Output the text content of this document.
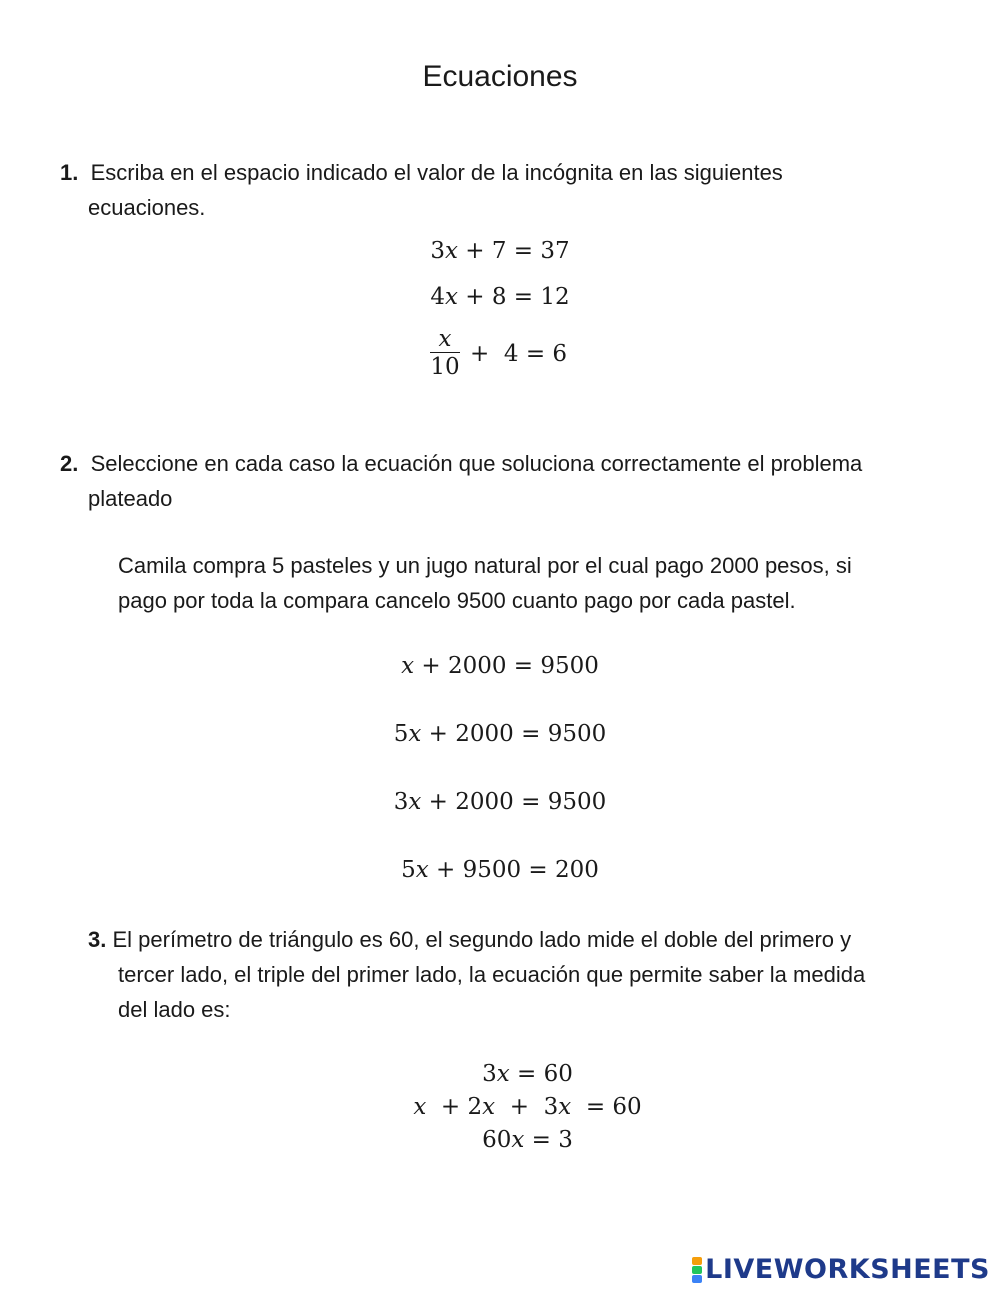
Ecuaciones
1. Escriba en el espacio indicado el valor de la incógnita en las siguientes
ecuaciones.
3𝑥 + 7 = 37
4𝑥 + 8 = 12
𝑥
10
+  4 = 6
2. Seleccione en cada caso la ecuación que soluciona correctamente el problema
plateado
Camila compra 5 pasteles y un jugo natural por el cual pago 2000 pesos, si
pago por toda la compara cancelo 9500 cuanto pago por cada pastel.
𝑥 + 2000 = 9500
5𝑥 + 2000 = 9500
3𝑥 + 2000 = 9500
5𝑥 + 9500 = 200
3. El perímetro de triángulo es 60, el segundo lado mide el doble del primero y
tercer lado, el triple del primer lado, la ecuación que permite saber la medida
del lado es:
3𝑥 = 60
𝑥  + 2𝑥  +  3𝑥  = 60
60𝑥 = 3
LIVEWORKSHEETS
